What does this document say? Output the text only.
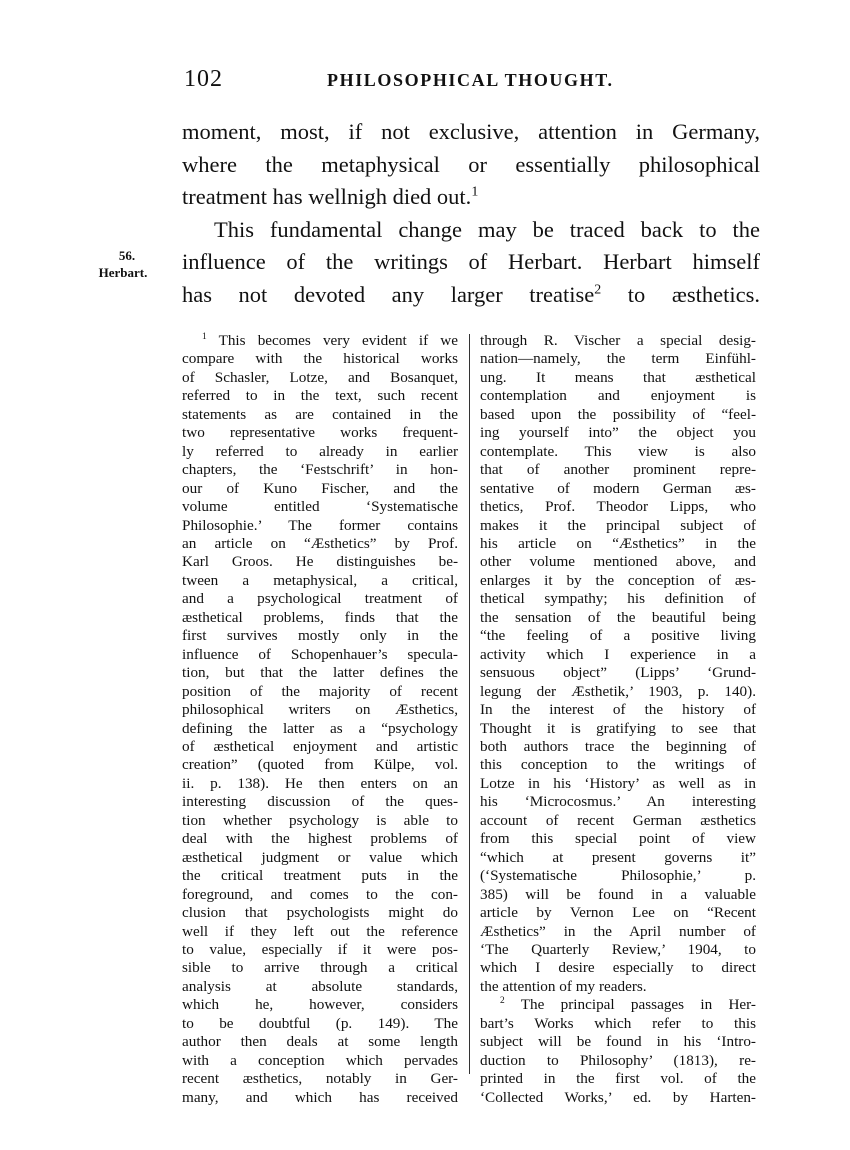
102	PHILOSOPHICAL THOUGHT.
56.
Herbart.

moment, most, if not exclusive, attention in Germany,

where the metaphysical or essentially philosophical

treatment has wellnigh died out.$^1$

This fundamental change may be traced back to the

influence of the writings of Herbart. Herbart himself

has not devoted any larger treatise$^2$ to æsthetics.

$^1$ This becomes very evident if we
compare with the historical works
of Schasler, Lotze, and Bosanquet,
referred to in the text, such recent
statements as are contained in the
two representative works frequent-
ly referred to already in earlier
chapters, the ‘Festschrift’ in hon-
our of Kuno Fischer, and the
volume entitled ‘Systematische
Philosophie.’ The former contains
an article on “Æsthetics” by Prof.
Karl Groos. He distinguishes be-
tween a metaphysical, a critical,
and a psychological treatment of
æsthetical problems, finds that the
first survives mostly only in the
influence of Schopenhauer’s specula-
tion, but that the latter defines the
position of the majority of recent
philosophical writers on Æsthetics,
defining the latter as a “psychology
of æsthetical enjoyment and artistic
creation” (quoted from Külpe, vol.
ii. p. 138). He then enters on an
interesting discussion of the ques-
tion whether psychology is able to
deal with the highest problems of
æsthetical judgment or value which
the critical treatment puts in the
foreground, and comes to the con-
clusion that psychologists might do
well if they left out the reference
to value, especially if it were pos-
sible to arrive through a critical
analysis at absolute standards,
which he, however, considers
to be doubtful (p. 149). The
author then deals at some length
with a conception which pervades
recent æsthetics, notably in Ger-
many, and which has received
through R. Vischer a special desig-
nation—namely, the term Einfühl-
ung. It means that æsthetical
contemplation and enjoyment is
based upon the possibility of “feel-
ing yourself into” the object you
contemplate. This view is also
that of another prominent repre-
sentative of modern German æs-
thetics, Prof. Theodor Lipps, who
makes it the principal subject of
his article on “Æsthetics” in the
other volume mentioned above, and
enlarges it by the conception of æs-
thetical sympathy; his definition of
the sensation of the beautiful being
“the feeling of a positive living
activity which I experience in a
sensuous object” (Lipps’ ‘Grund-
legung der Æsthetik,’ 1903, p. 140).
In the interest of the history of
Thought it is gratifying to see that
both authors trace the beginning of
this conception to the writings of
Lotze in his ‘History’ as well as in
his ‘Microcosmus.’ An interesting
account of recent German æsthetics
from this special point of view
“which at present governs it”
(‘Systematische Philosophie,’ p.
385) will be found in a valuable
article by Vernon Lee on “Recent
Æsthetics” in the April number of
‘The Quarterly Review,’ 1904, to
which I desire especially to direct
the attention of my readers.
$^2$ The principal passages in Her-
bart’s Works which refer to this
subject will be found in his ‘Intro-
duction to Philosophy’ (1813), re-
printed in the first vol. of the
‘Collected Works,’ ed. by Harten-
